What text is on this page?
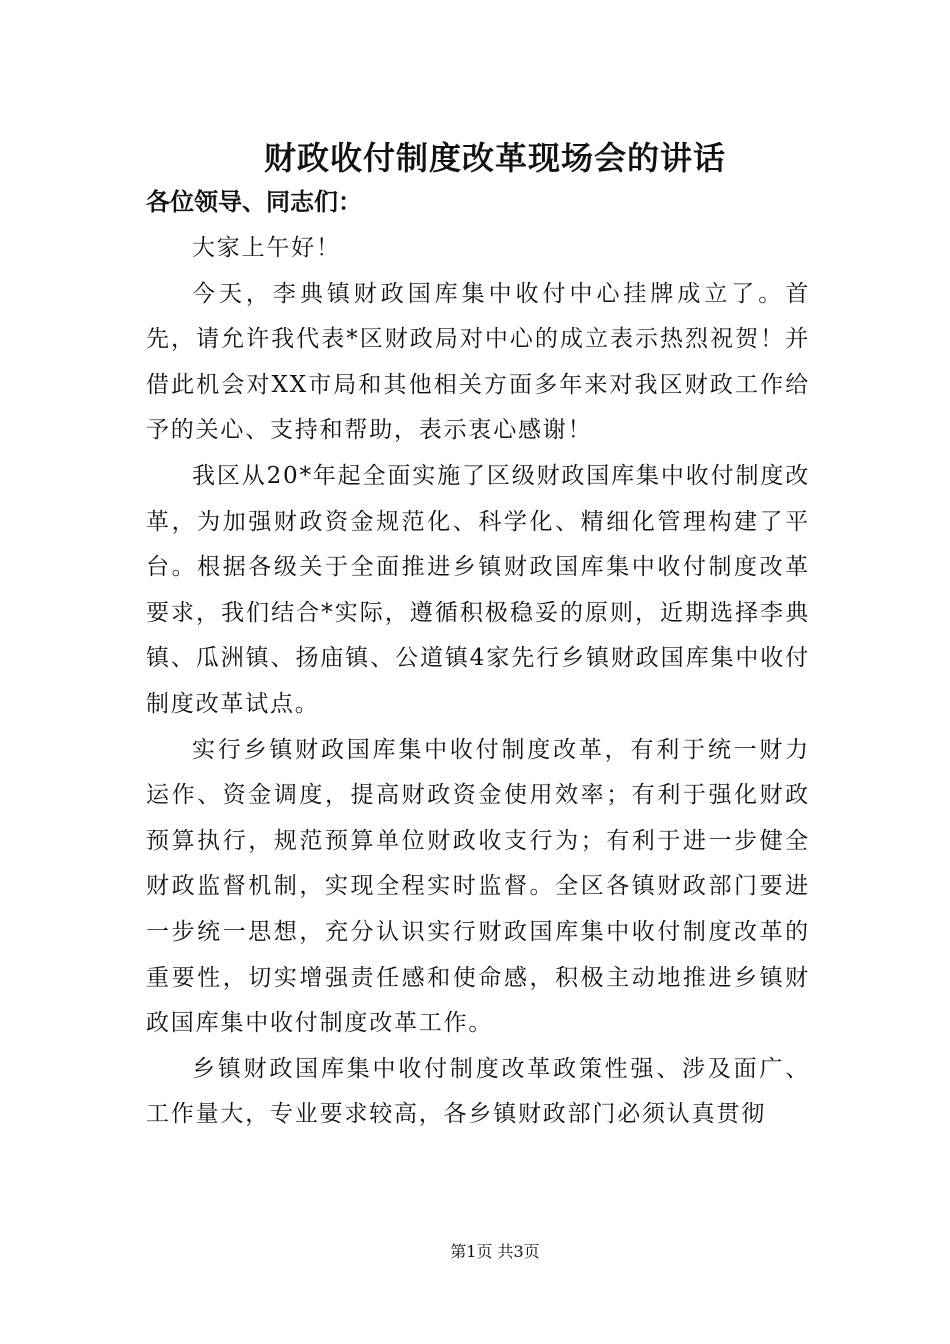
财政收付制度改革现场会的讲话

各位领导、同志们：

大家上午好！

今天，李典镇财政国库集中收付中心挂牌成立了。首先，请允许我代表*区财政局对中心的成立表示热烈祝贺！并借此机会对XX市局和其他相关方面多年来对我区财政工作给予的关心、支持和帮助，表示衷心感谢！

我区从20*年起全面实施了区级财政国库集中收付制度改革，为加强财政资金规范化、科学化、精细化管理构建了平台。根据各级关于全面推进乡镇财政国库集中收付制度改革要求，我们结合*实际，遵循积极稳妥的原则，近期选择李典镇、瓜洲镇、扬庙镇、公道镇4家先行乡镇财政国库集中收付制度改革试点。

实行乡镇财政国库集中收付制度改革，有利于统一财力运作、资金调度，提高财政资金使用效率；有利于强化财政预算执行，规范预算单位财政收支行为；有利于进一步健全财政监督机制，实现全程实时监督。全区各镇财政部门要进一步统一思想，充分认识实行财政国库集中收付制度改革的重要性，切实增强责任感和使命感，积极主动地推进乡镇财政国库集中收付制度改革工作。

乡镇财政国库集中收付制度改革政策性强、涉及面广、工作量大，专业要求较高，各乡镇财政部门必须认真贯彻

第1页 共3页
